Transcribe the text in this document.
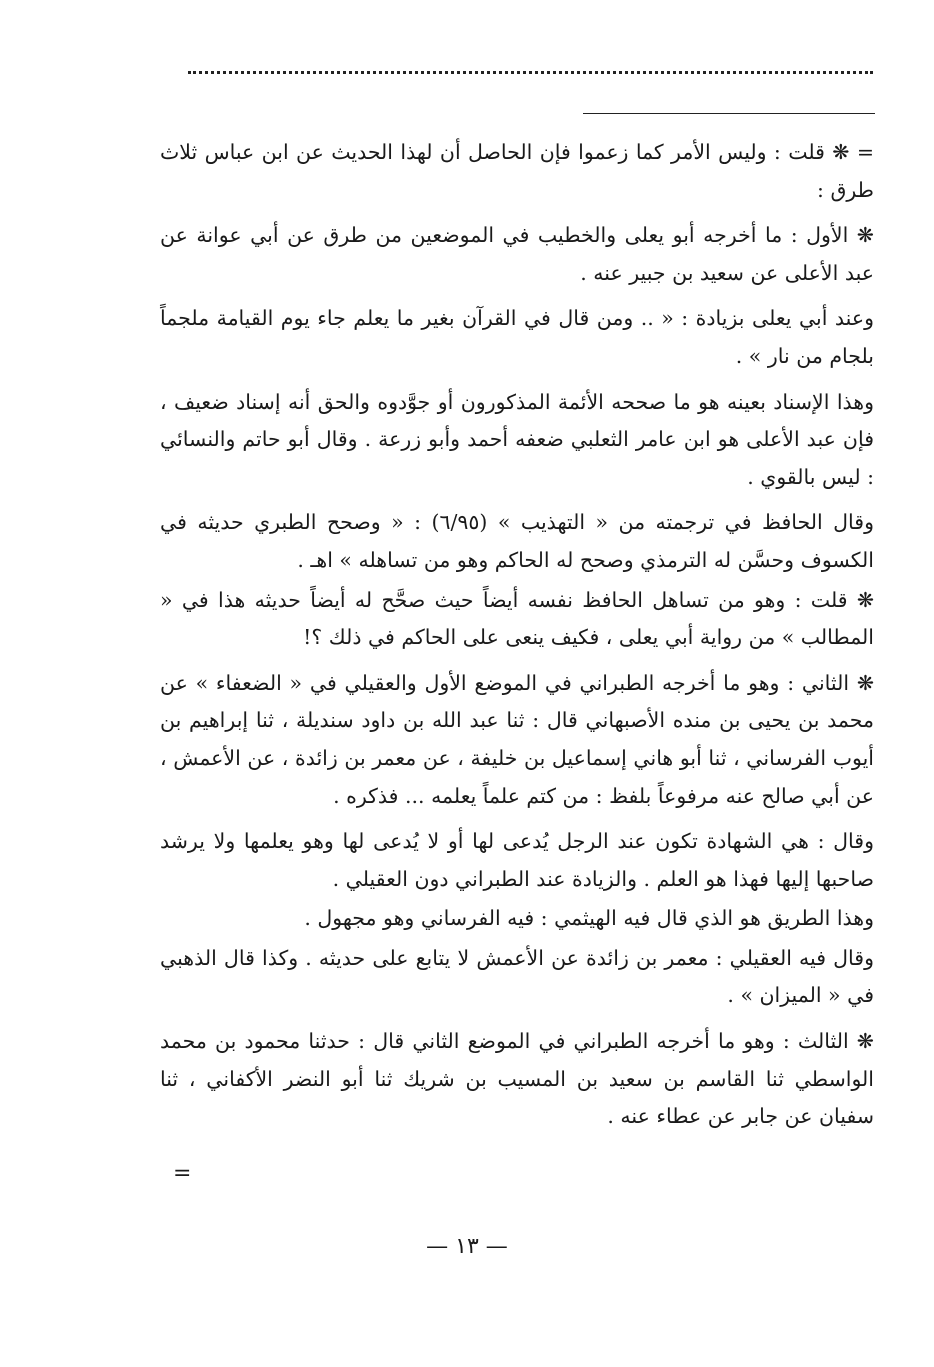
= ❋ قلت : وليس الأمر كما زعموا فإن الحاصل أن لهذا الحديث عن ابن عباس ثلاث طرق :

❋ الأول : ما أخرجه أبو يعلى والخطيب في الموضعين من طرق عن أبي عوانة عن عبد الأعلى عن سعيد بن جبير عنه .

وعند أبي يعلى بزيادة : « .. ومن قال في القرآن بغير ما يعلم جاء يوم القيامة ملجماً بلجام من نار » .

وهذا الإسناد بعينه هو ما صححه الأئمة المذكورون أو جوَّدوه والحق أنه إسناد ضعيف ، فإن عبد الأعلى هو ابن عامر الثعلبي ضعفه أحمد وأبو زرعة . وقال أبو حاتم والنسائي : ليس بالقوي .

وقال الحافظ في ترجمته من « التهذيب » (٦/٩٥) : « وصحح الطبري حديثه في الكسوف وحسَّن له الترمذي وصحح له الحاكم وهو من تساهله » اهـ .

❋ قلت : وهو من تساهل الحافظ نفسه أيضاً حيث صحَّح له أيضاً حديثه هذا في « المطالب » من رواية أبي يعلى ، فكيف ينعى على الحاكم في ذلك ؟!

❋ الثاني : وهو ما أخرجه الطبراني في الموضع الأول والعقيلي في « الضعفاء » عن محمد بن يحيى بن منده الأصبهاني قال : ثنا عبد الله بن داود سنديلة ، ثنا إبراهيم بن أيوب الفرساني ، ثنا أبو هاني إسماعيل بن خليفة ، عن معمر بن زائدة ، عن الأعمش ، عن أبي صالح عنه مرفوعاً بلفظ : من كتم علماً يعلمه ... فذكره .

وقال : هي الشهادة تكون عند الرجل يُدعى لها أو لا يُدعى لها وهو يعلمها ولا يرشد صاحبها إليها فهذا هو العلم . والزيادة عند الطبراني دون العقيلي .

وهذا الطريق هو الذي قال فيه الهيثمي : فيه الفرساني وهو مجهول .

وقال فيه العقيلي : معمر بن زائدة عن الأعمش لا يتابع على حديثه . وكذا قال الذهبي في « الميزان » .

❋ الثالث : وهو ما أخرجه الطبراني في الموضع الثاني قال : حدثنا محمود بن محمد الواسطي ثنا القاسم بن سعيد بن المسيب بن شريك ثنا أبو النضر الأكفاني ، ثنا سفيان عن جابر عن عطاء عنه .

=
— ١٣ —
